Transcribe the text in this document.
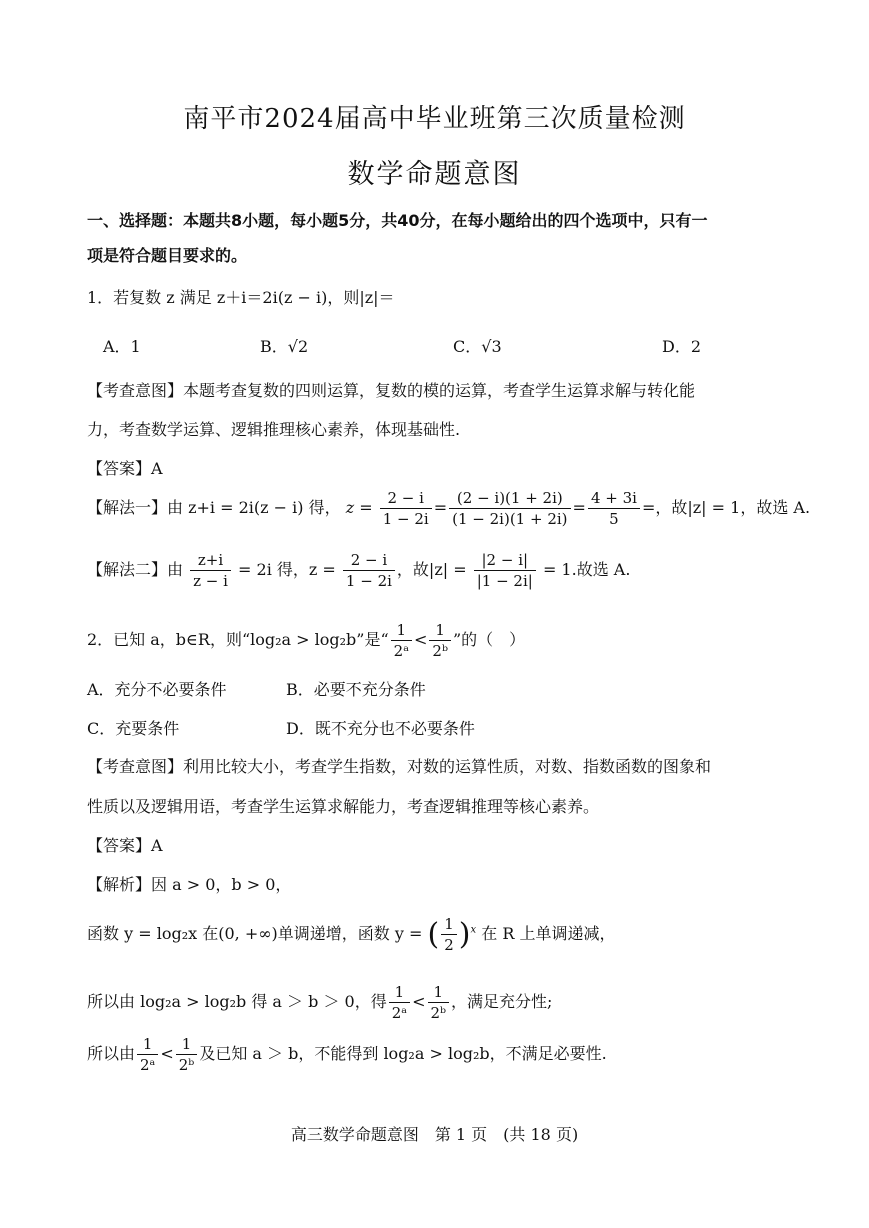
南平市2024届高中毕业班第三次质量检测
数学命题意图
一、选择题：本题共8小题，每小题5分，共40分，在每小题给出的四个选项中，只有一
项是符合题目要求的。
1．若复数 z 满足 z＋i＝2i(z − i)，则|z|＝
A．1	B．√2	C．√3	D．2
【考查意图】本题考查复数的四则运算，复数的模的运算，考查学生运算求解与转化能
力，考查数学运算、逻辑推理核心素养，体现基础性.
【答案】A
【解法一】由 z+i = 2i(z − i) 得， $z = \frac{2 - i}{1 - 2i} = \frac{(2 - i)(1 + 2i)}{(1 - 2i)(1 + 2i)} = \frac{4 + 3i}{5}$ =，故|z| = 1，故选 A.
【解法二】由 $\frac{z+i}{z - i} = 2i$ 得，$z = \frac{2 - i}{1 - 2i}$ ，故$|z| = \frac{|2 - i|}{|1 - 2i|} = 1$.故选 A.
2．已知 a，b∈R，则“log₂a > log₂b”是“ $\frac{1}{\text{2ᵃ}} < \frac{1}{\text{2ᵇ}}$ ”的（　）
A．充分不必要条件	B．必要不充分条件
C．充要条件	D．既不充分也不必要条件
【考查意图】利用比较大小，考查学生指数，对数的运算性质，对数、指数函数的图象和
性质以及逻辑用语，考查学生运算求解能力，考查逻辑推理等核心素养。
【答案】A
【解析】因 a > 0，b > 0，
函数 y = log₂x 在(0, +∞)单调递增，函数 y = ( $\frac{1}{2} )^x$ 在 R 上单调递减，
所以由 log₂a > log₂b 得 a ＞ b ＞ 0，得 $\frac{1}{\text{2ᵃ}} < \frac{1}{\text{2ᵇ}}$ ，满足充分性;
所以由 $\frac{1}{\text{2ᵃ}} < \frac{1}{\text{2ᵇ}}$ 及已知 a ＞ b，不能得到 log₂a > log₂b，不满足必要性.
高三数学命题意图　第 1 页　(共 18 页)
